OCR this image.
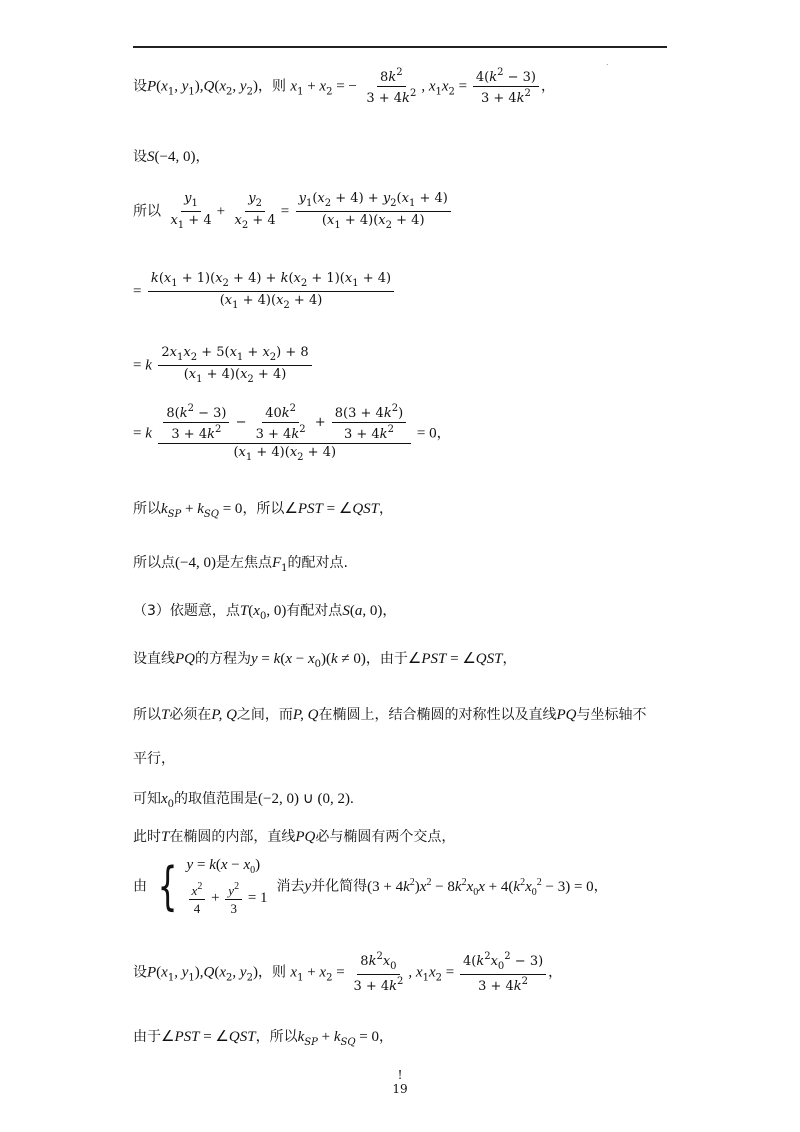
.
设$P(x_1$, $y_1),Q(x_2$, $y_2$)，则 $x_1 + x_2$ = − $\frac{8k^2}{3 + 4k^2}$ , $x_1x_2 = \frac{4(k^2 - 3)}{3 + 4k^2}$ ，
设S(−4, 0)，
所以 $\frac{y_1}{x_1 + 4} + \frac{y_2}{x_2 + 4} = \frac{y_1(x_2 + 4) + y_2(x_1 + 4)}{(x_1 + 4)(x_2 + 4)}$
= $\frac{k(x_1 + 1)(x_2 + 4) + k(x_2 + 1)(x_1 + 4)}{(x_1 + 4)(x_2 + 4)}$
= k $\frac{2x_1x_2 + 5(x_1 + x_2) + 8}{(x_1 + 4)(x_2 + 4)}$
= k $\frac{8(k^2 - 3)}{3 + 4k^2} - \frac{40k^2}{3 + 4k^2} + \frac{8(3 + 4k^2)}{3 + 4k^2}$
$(x_1 + 4)(x_2 + 4)$
= 0，
所以$k_{SP} + k_{SQ} = 0$，所以∠PST = ∠QST，
所以点(−4, 0)是左焦点$F_1$的配对点.
（3）依题意，点$T(x_0$, 0)有配对点S(a, 0)，
设直线PQ的方程为$y = k(x - x_0)(k \ne 0)$，由于∠PST = ∠QST，
所以T必须在P, Q之间，而P, Q在椭圆上，结合椭圆的对称性以及直线PQ与坐标轴不
平行，
可知$x_0$的取值范围是(−2, 0) ∪ (0, 2).
此时T在椭圆的内部，直线PQ必与椭圆有两个交点，
由 { $y = k(x - x_0)$
$\frac{x^2}{4} + \frac{y^2}{3} = 1$
消去y并化简得$(3 + 4k^2)x^2 - 8k^2x_0x + 4(k^2x_0^2 - 3) = 0$，
设$P(x_1$, $y_1),Q(x_2$, $y_2$)，则 $x_1 + x_2 = \frac{8k^2x_0}{3 + 4k^2}$ , $x_1x_2 = \frac{4(k^2x_0^2 - 3)}{3 + 4k^2}$ ，
由于∠PST = ∠QST，所以$k_{SP} + k_{SQ} = 0$，
!
19
